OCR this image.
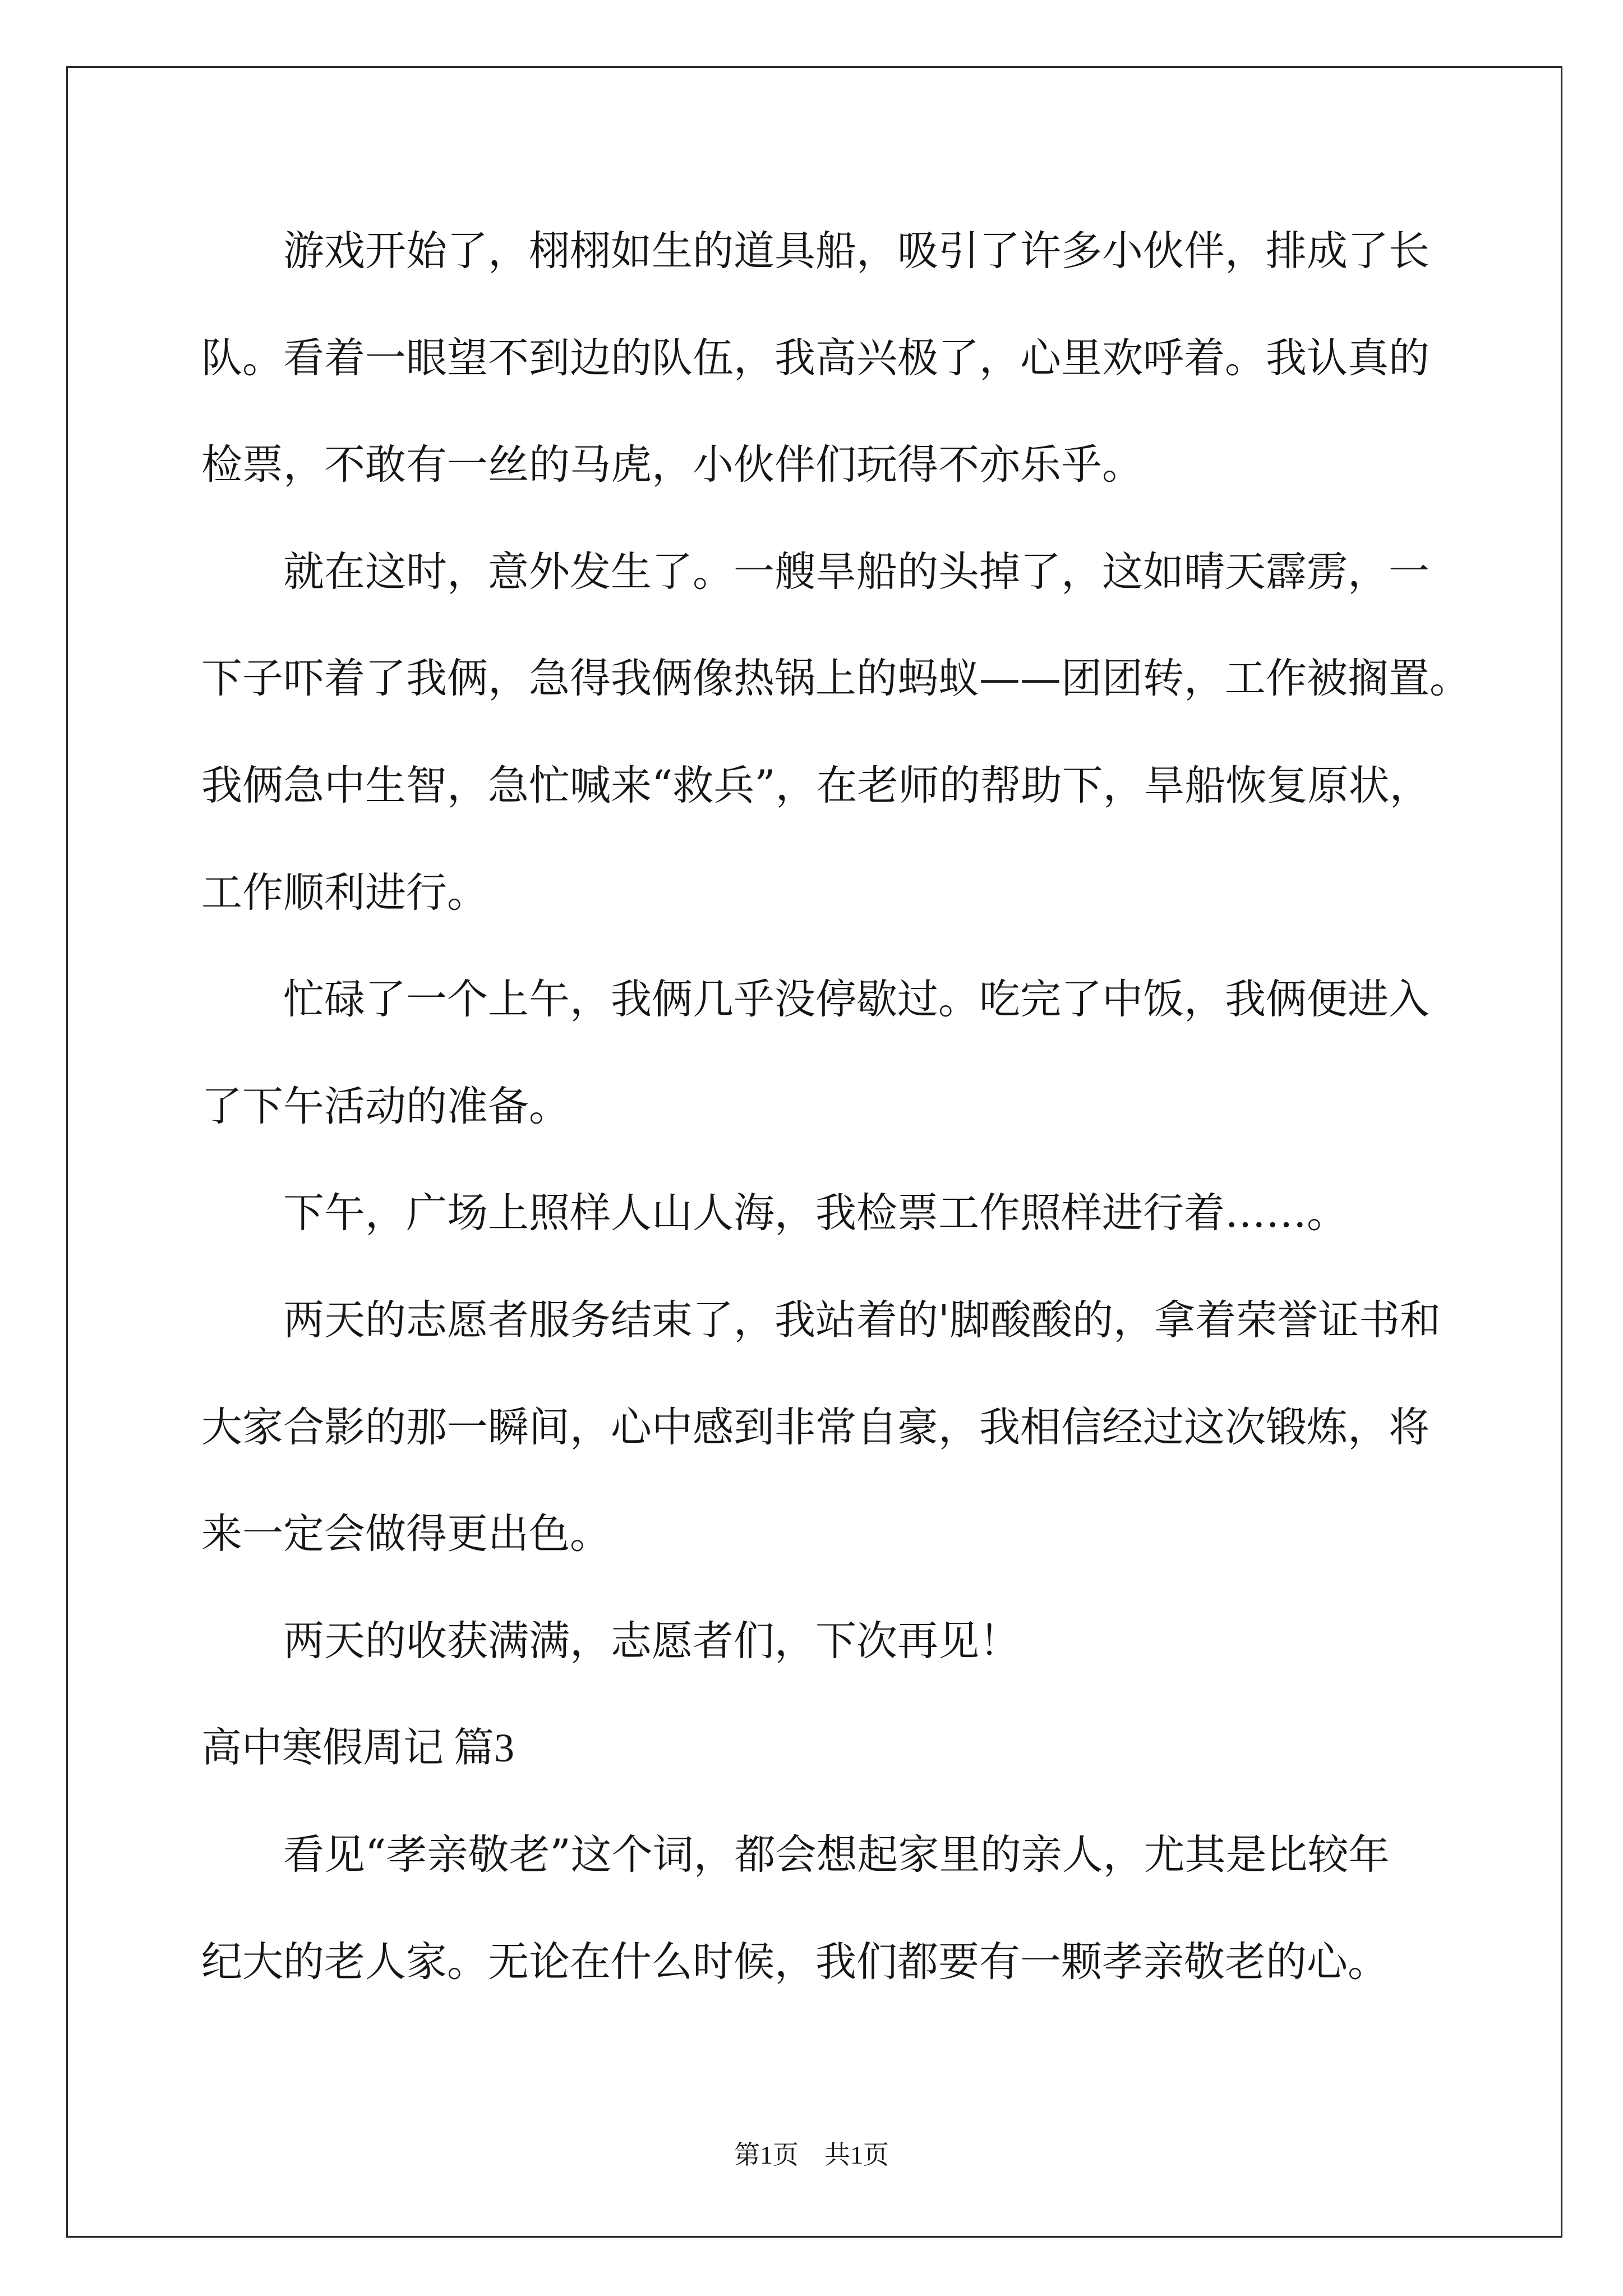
游戏开始了，栩栩如生的道具船，吸引了许多小伙伴，排成了长
队。看着一眼望不到边的队伍，我高兴极了，心里欢呼着。我认真的
检票，不敢有一丝的马虎，小伙伴们玩得不亦乐乎。
就在这时，意外发生了。一艘旱船的头掉了，这如晴天霹雳，一
下子吓着了我俩，急得我俩像热锅上的蚂蚁——团团转，工作被搁置。
我俩急中生智，急忙喊来“救兵”，在老师的帮助下，旱船恢复原状，
工作顺利进行。
忙碌了一个上午，我俩几乎没停歇过。吃完了中饭，我俩便进入
了下午活动的准备。
下午，广场上照样人山人海，我检票工作照样进行着……。
两天的志愿者服务结束了，我站着的'脚酸酸的，拿着荣誉证书和
大家合影的那一瞬间，心中感到非常自豪，我相信经过这次锻炼，将
来一定会做得更出色。
两天的收获满满，志愿者们，下次再见！
高中寒假周记 篇3
看见“孝亲敬老”这个词，都会想起家里的亲人，尤其是比较年
纪大的老人家。无论在什么时候，我们都要有一颗孝亲敬老的心。
第1页　共1页
